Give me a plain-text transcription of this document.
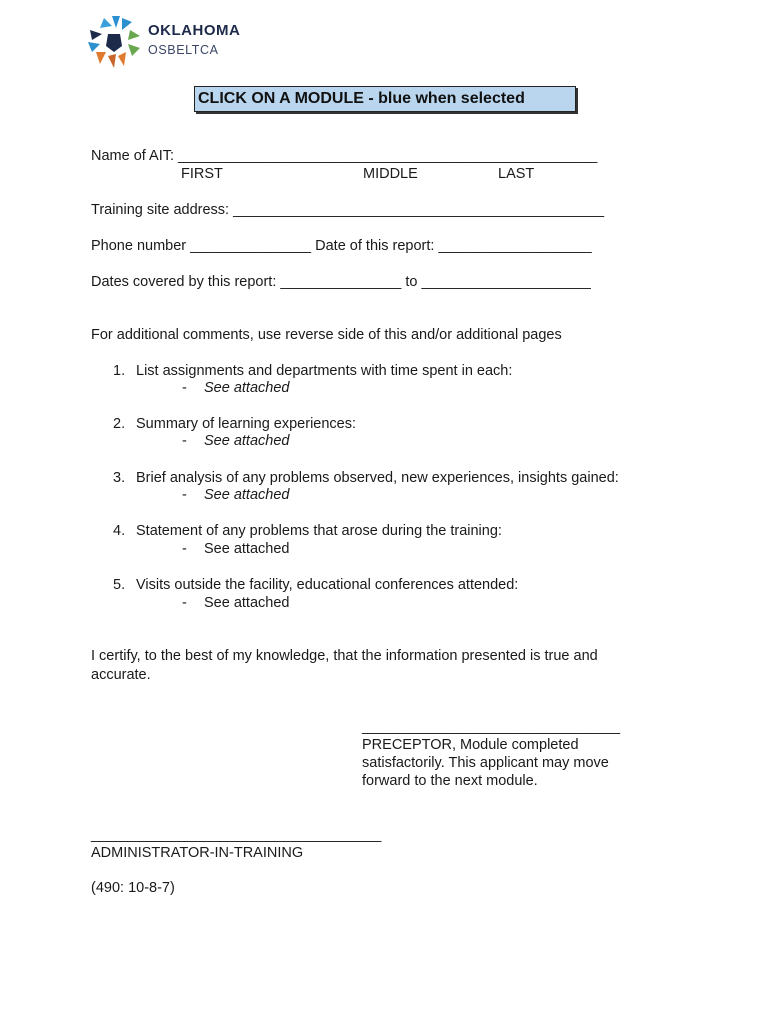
OKLAHOMA
OSBELTCA
CLICK ON A MODULE - blue when selected
Name of AIT: ____________________________________________________
FIRST	MIDDLE	LAST
Training site address: ______________________________________________
Phone number _______________ Date of this report: ___________________
Dates covered by this report: _______________ to _____________________
For additional comments, use reverse side of this and/or additional pages
1. List assignments and departments with time spent in each:
- See attached
2. Summary of learning experiences:
- See attached
3. Brief analysis of any problems observed, new experiences, insights gained:
- See attached
4. Statement of any problems that arose during the training:
- See attached
5. Visits outside the facility, educational conferences attended:
- See attached
I certify, to the best of my knowledge, that the information presented is true and
accurate.
________________________________
PRECEPTOR, Module completed
satisfactorily. This applicant may move
forward to the next module.
____________________________________
ADMINISTRATOR-IN-TRAINING
(490: 10-8-7)
